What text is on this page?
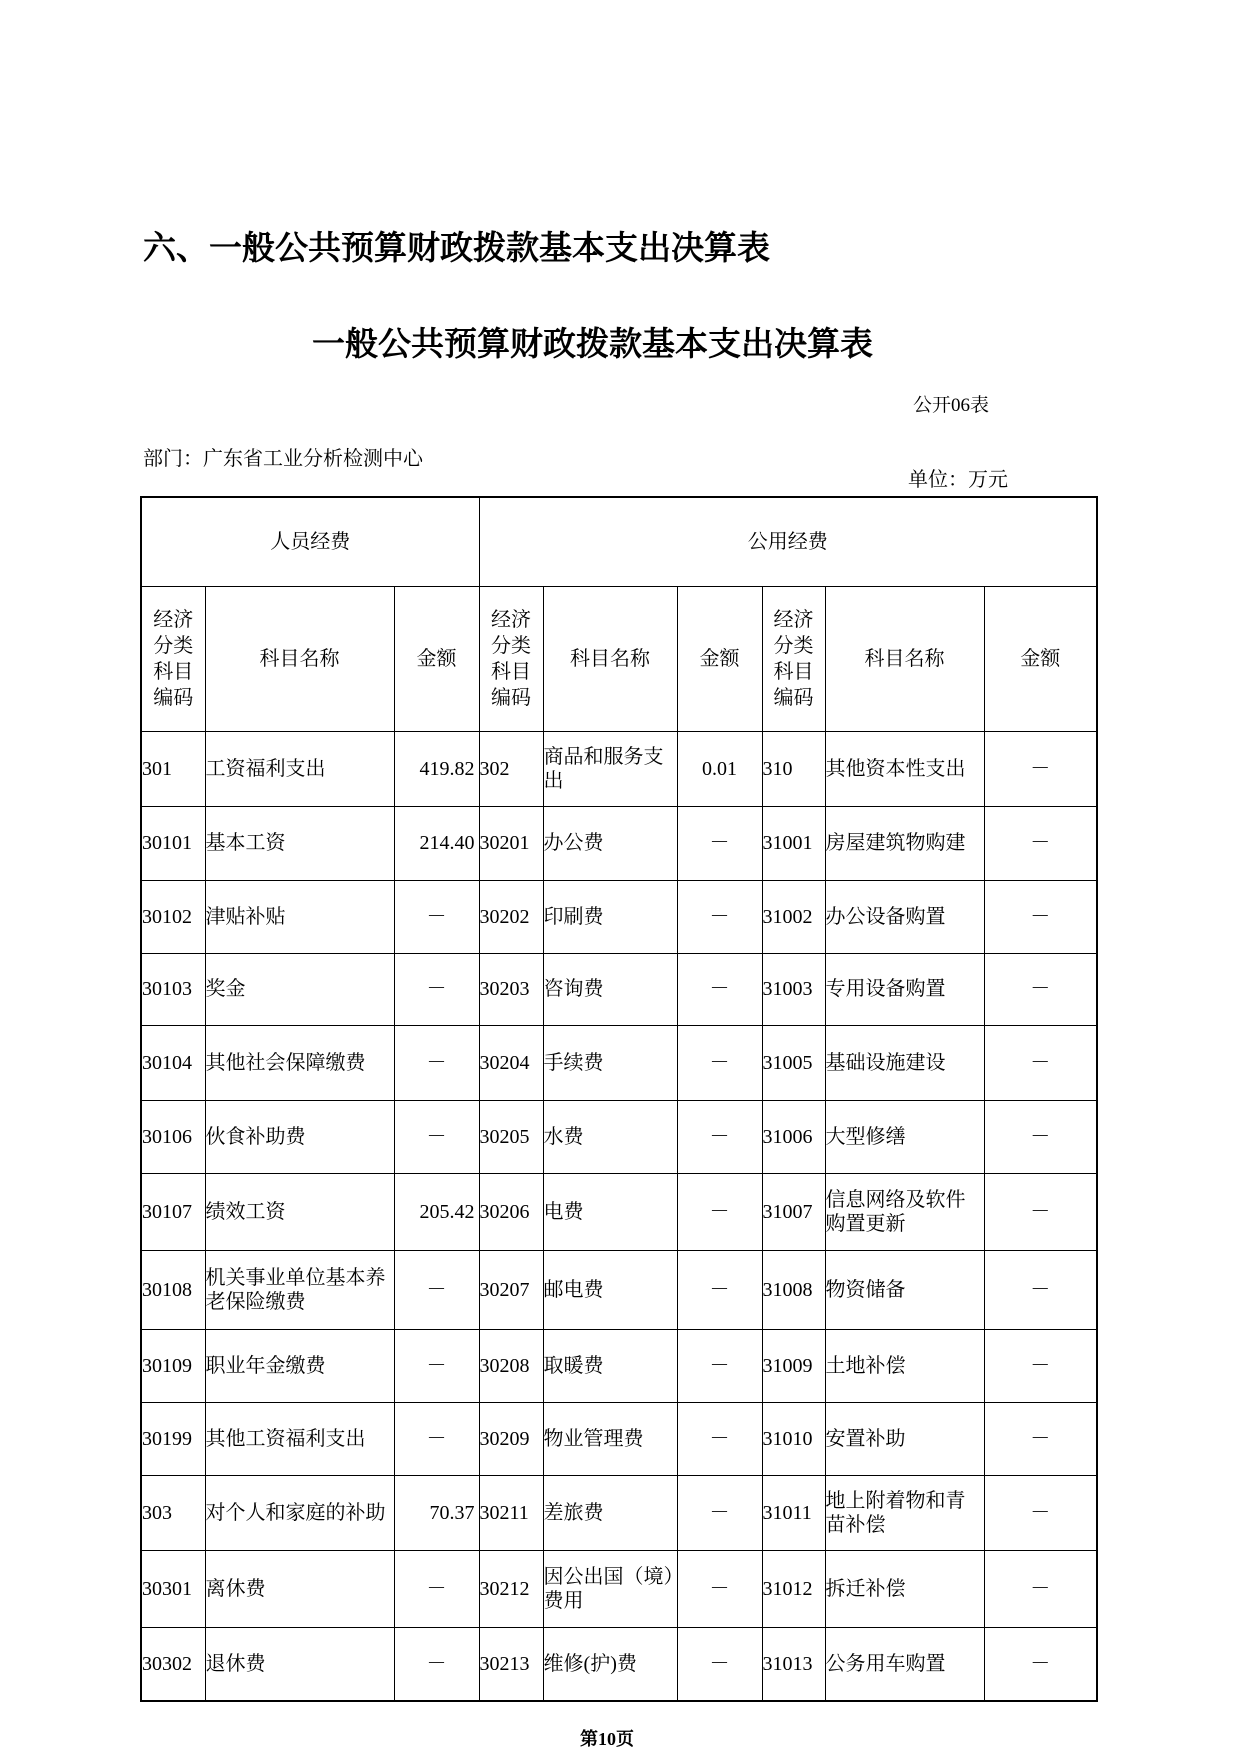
六、一般公共预算财政拨款基本支出决算表
一般公共预算财政拨款基本支出决算表
公开06表
部门：广东省工业分析检测中心
单位：万元
人员经费			公用经费					
经济分类科目编码	科目名称	金额	经济分类科目编码	科目名称	金额	经济分类科目编码	科目名称	金额
301	工资福利支出	419.82	302	商品和服务支出	0.01	310	其他资本性支出	－
30101	基本工资	214.40	30201	办公费	－	31001	房屋建筑物购建	－
30102	津贴补贴	－	30202	印刷费	－	31002	办公设备购置	－
30103	奖金	－	30203	咨询费	－	31003	专用设备购置	－
30104	其他社会保障缴费	－	30204	手续费	－	31005	基础设施建设	－
30106	伙食补助费	－	30205	水费	－	31006	大型修缮	－
30107	绩效工资	205.42	30206	电费	－	31007	信息网络及软件购置更新	－
30108	机关事业单位基本养老保险缴费	－	30207	邮电费	－	31008	物资储备	－
30109	职业年金缴费	－	30208	取暖费	－	31009	土地补偿	－
30199	其他工资福利支出	－	30209	物业管理费	－	31010	安置补助	－
303	对个人和家庭的补助	70.37	30211	差旅费	－	31011	地上附着物和青苗补偿	－
30301	离休费	－	30212	因公出国（境）费用	－	31012	拆迁补偿	－
30302	退休费	－	30213	维修(护)费	－	31013	公务用车购置	－
第10页
